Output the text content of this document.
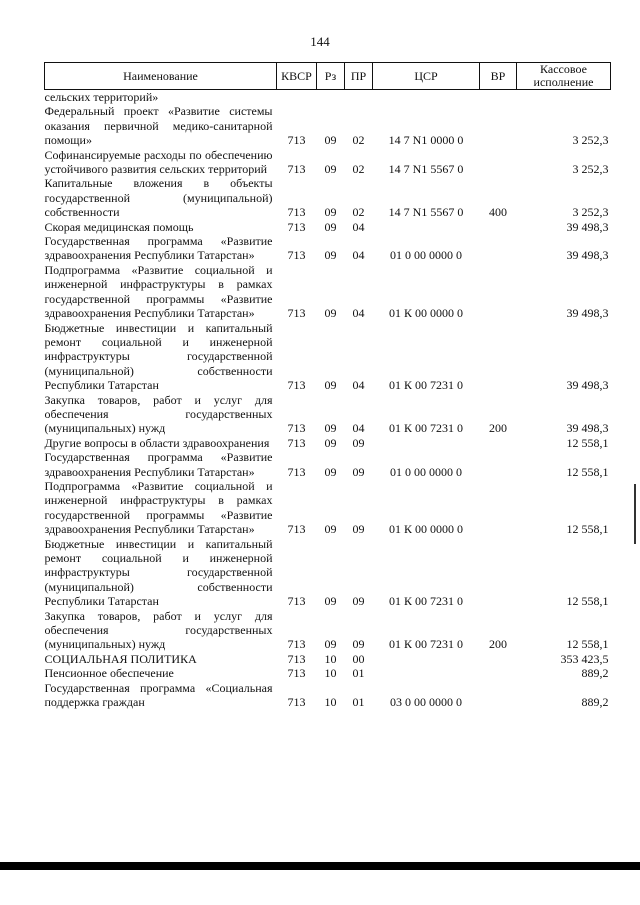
144
Наименование	КВСР	Рз	ПР	ЦСР	ВР	Кассовое исполнение
сельских территорий»						
Федеральный проект «Развитие системы оказания первичной медико-санитарной помощи»	713	09	02	14 7 N1 0000 0		3 252,3
Софинансируемые расходы по обеспечению устойчивого развития сельских территорий	713	09	02	14 7 N1 5567 0		3 252,3
Капитальные вложения в объекты государственной (муниципальной) собственности	713	09	02	14 7 N1 5567 0	400	3 252,3
Скорая медицинская помощь	713	09	04			39 498,3
Государственная программа «Развитие здравоохранения Республики Татарстан»	713	09	04	01 0 00 0000 0		39 498,3
Подпрограмма «Развитие социальной и инженерной инфраструктуры в рамках государственной программы «Развитие здравоохранения Республики Татарстан»	713	09	04	01 К 00 0000 0		39 498,3
Бюджетные инвестиции и капитальный ремонт социальной и инженерной инфраструктуры государственной (муниципальной) собственности Республики Татарстан	713	09	04	01 К 00 7231 0		39 498,3
Закупка товаров, работ и услуг для обеспечения государственных (муниципальных) нужд	713	09	04	01 К 00 7231 0	200	39 498,3
Другие вопросы в области здравоохранения	713	09	09			12 558,1
Государственная программа «Развитие здравоохранения Республики Татарстан»	713	09	09	01 0 00 0000 0		12 558,1
Подпрограмма «Развитие социальной и инженерной инфраструктуры в рамках государственной программы «Развитие здравоохранения Республики Татарстан»	713	09	09	01 К 00 0000 0		12 558,1
Бюджетные инвестиции и капитальный ремонт социальной и инженерной инфраструктуры государственной (муниципальной) собственности Республики Татарстан	713	09	09	01 К 00 7231 0		12 558,1
Закупка товаров, работ и услуг для обеспечения государственных (муниципальных) нужд	713	09	09	01 К 00 7231 0	200	12 558,1
СОЦИАЛЬНАЯ ПОЛИТИКА	713	10	00			353 423,5
Пенсионное обеспечение	713	10	01			889,2
Государственная программа «Социальная поддержка граждан	713	10	01	03 0 00 0000 0		889,2
